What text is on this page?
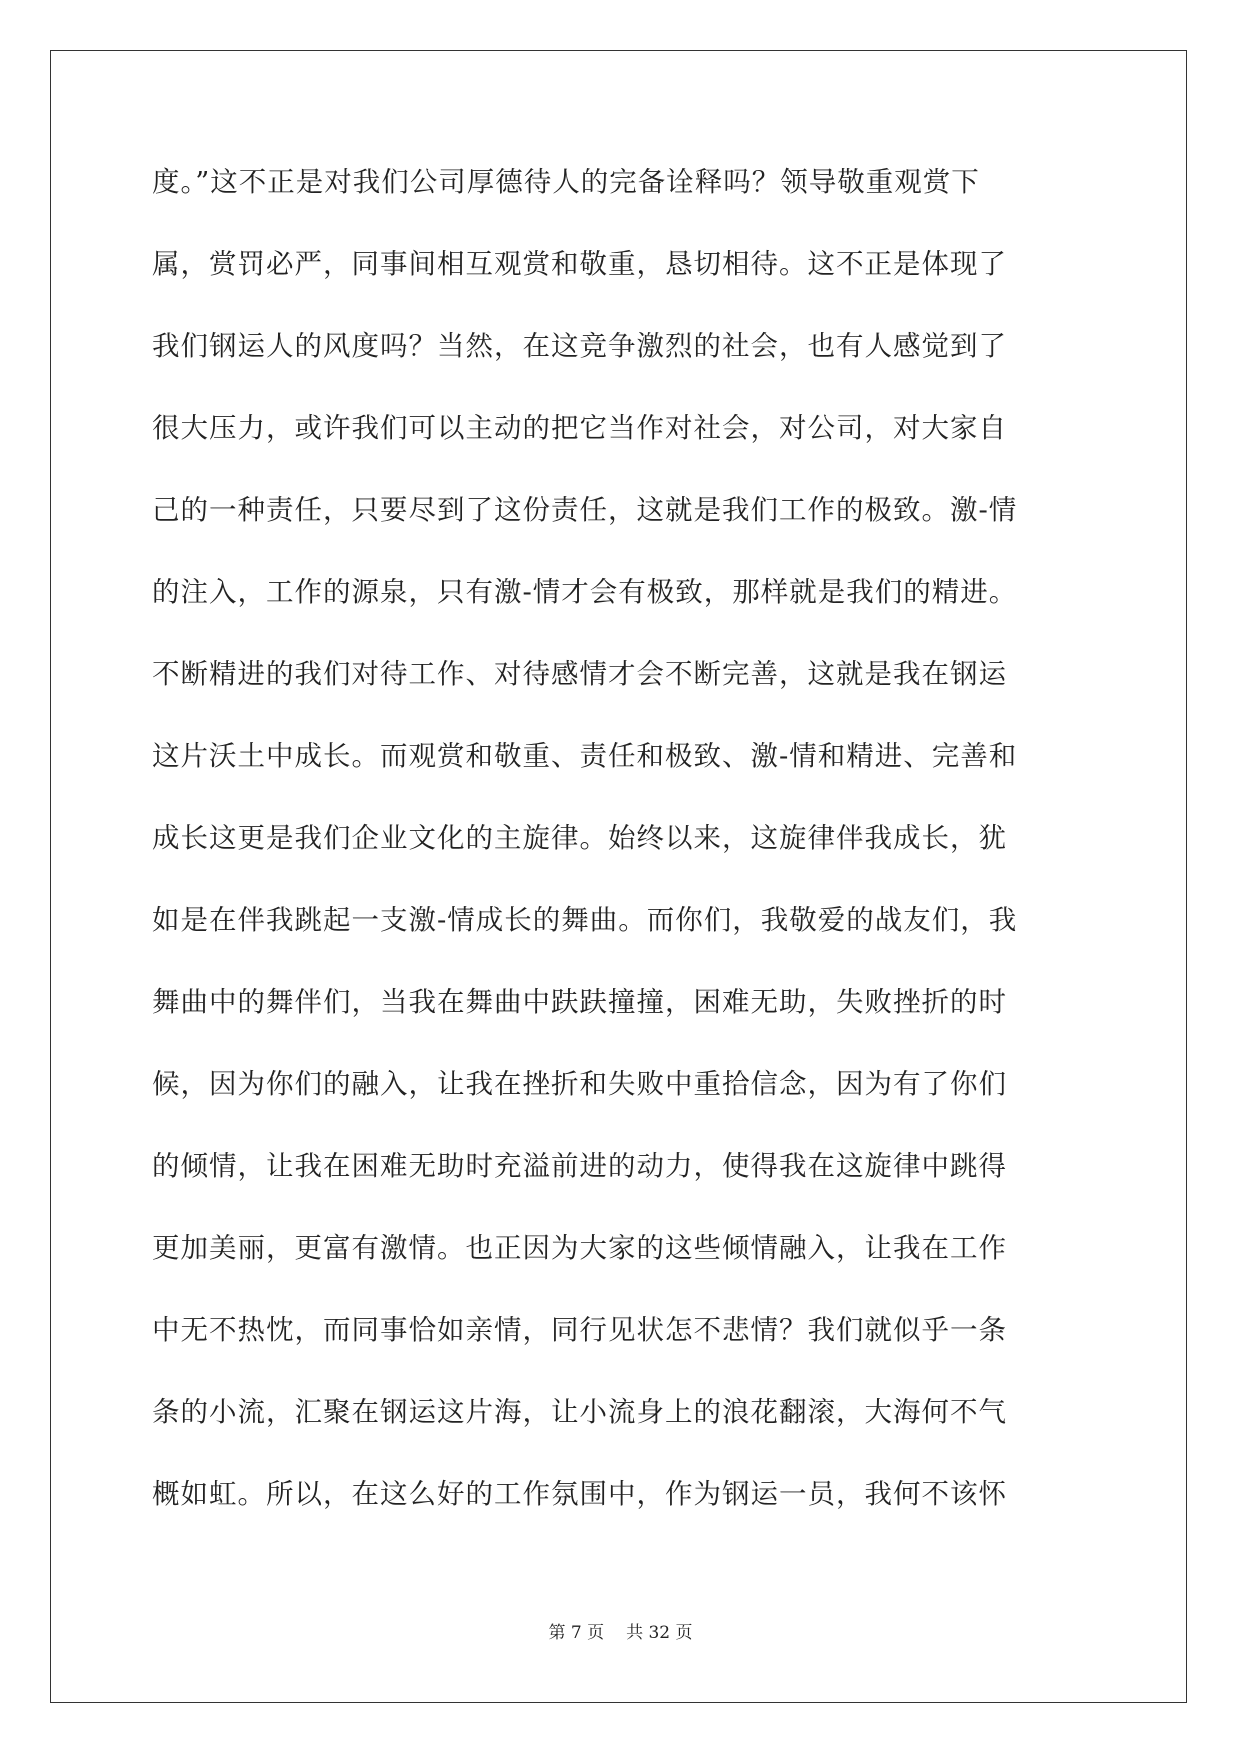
度。”这不正是对我们公司厚德待人的完备诠释吗？领导敬重观赏下
属，赏罚必严，同事间相互观赏和敬重，恳切相待。这不正是体现了
我们钢运人的风度吗？当然，在这竞争激烈的社会，也有人感觉到了
很大压力，或许我们可以主动的把它当作对社会，对公司，对大家自
己的一种责任，只要尽到了这份责任，这就是我们工作的极致。激-情
的注入，工作的源泉，只有激-情才会有极致，那样就是我们的精进。
不断精进的我们对待工作、对待感情才会不断完善，这就是我在钢运
这片沃土中成长。而观赏和敬重、责任和极致、激-情和精进、完善和
成长这更是我们企业文化的主旋律。始终以来，这旋律伴我成长，犹
如是在伴我跳起一支激-情成长的舞曲。而你们，我敬爱的战友们，我
舞曲中的舞伴们，当我在舞曲中趺趺撞撞，困难无助，失败挫折的时
候，因为你们的融入，让我在挫折和失败中重拾信念，因为有了你们
的倾情，让我在困难无助时充溢前进的动力，使得我在这旋律中跳得
更加美丽，更富有激情。也正因为大家的这些倾情融入，让我在工作
中无不热忱，而同事恰如亲情，同行见状怎不悲情？我们就似乎一条
条的小流，汇聚在钢运这片海，让小流身上的浪花翻滚，大海何不气
概如虹。所以，在这么好的工作氛围中，作为钢运一员，我何不该怀
第 7 页 共 32 页
